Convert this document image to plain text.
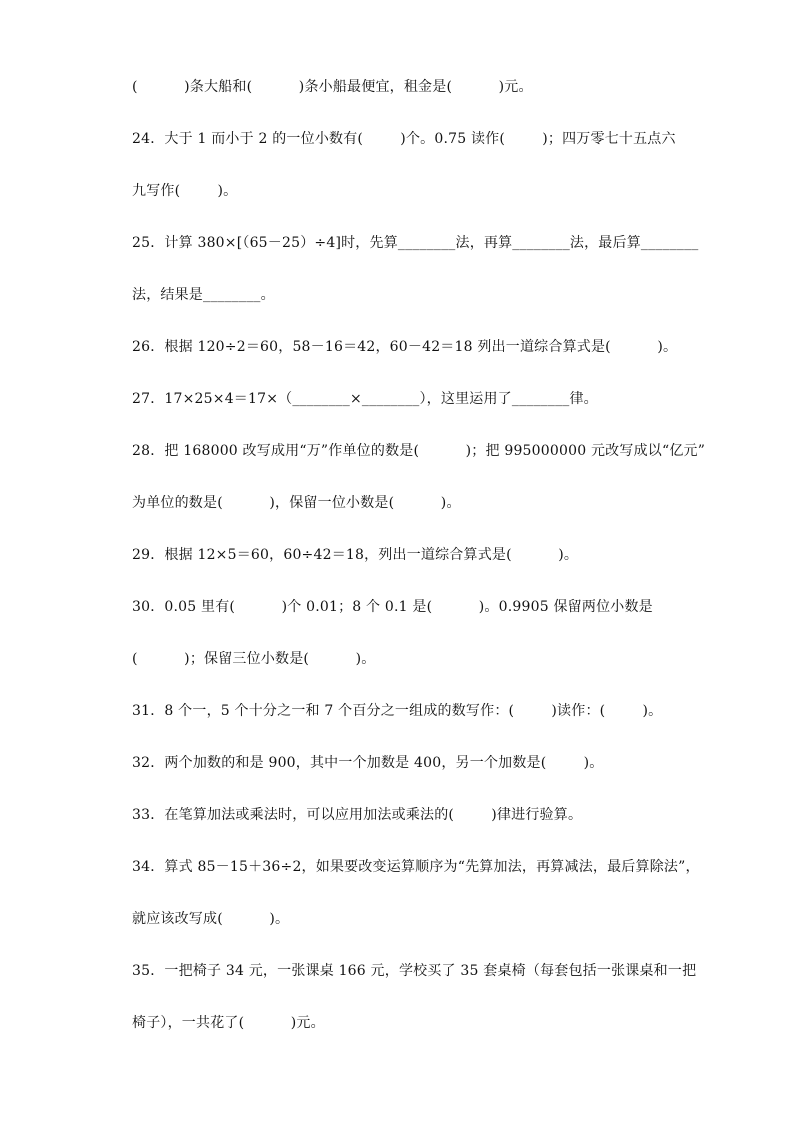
(          )条大船和(          )条小船最便宜，租金是(          )元。
24．大于 1 而小于 2 的一位小数有(        )个。0.75 读作(        )；四万零七十五点六
九写作(        )。
25．计算 380×[（65－25）÷4]时，先算________法，再算________法，最后算________
法，结果是________。
26．根据 120÷2＝60，58－16＝42，60－42＝18 列出一道综合算式是(          )。
27．17×25×4＝17×（________×________），这里运用了________律。
28．把 168000 改写成用“万”作单位的数是(          )；把 995000000 元改写成以“亿元”
为单位的数是(          )，保留一位小数是(          )。
29．根据 12×5＝60，60÷42＝18，列出一道综合算式是(          )。
30．0.05 里有(          )个 0.01；8 个 0.1 是(          )。0.9905 保留两位小数是
(          )；保留三位小数是(          )。
31．8 个一，5 个十分之一和 7 个百分之一组成的数写作：(        )读作：(        )。
32．两个加数的和是 900，其中一个加数是 400，另一个加数是(        )。
33．在笔算加法或乘法时，可以应用加法或乘法的(        )律进行验算。
34．算式 85－15＋36÷2，如果要改变运算顺序为“先算加法，再算减法，最后算除法”，
就应该改写成(          )。
35．一把椅子 34 元，一张课桌 166 元，学校买了 35 套桌椅（每套包括一张课桌和一把
椅子），一共花了(          )元。
